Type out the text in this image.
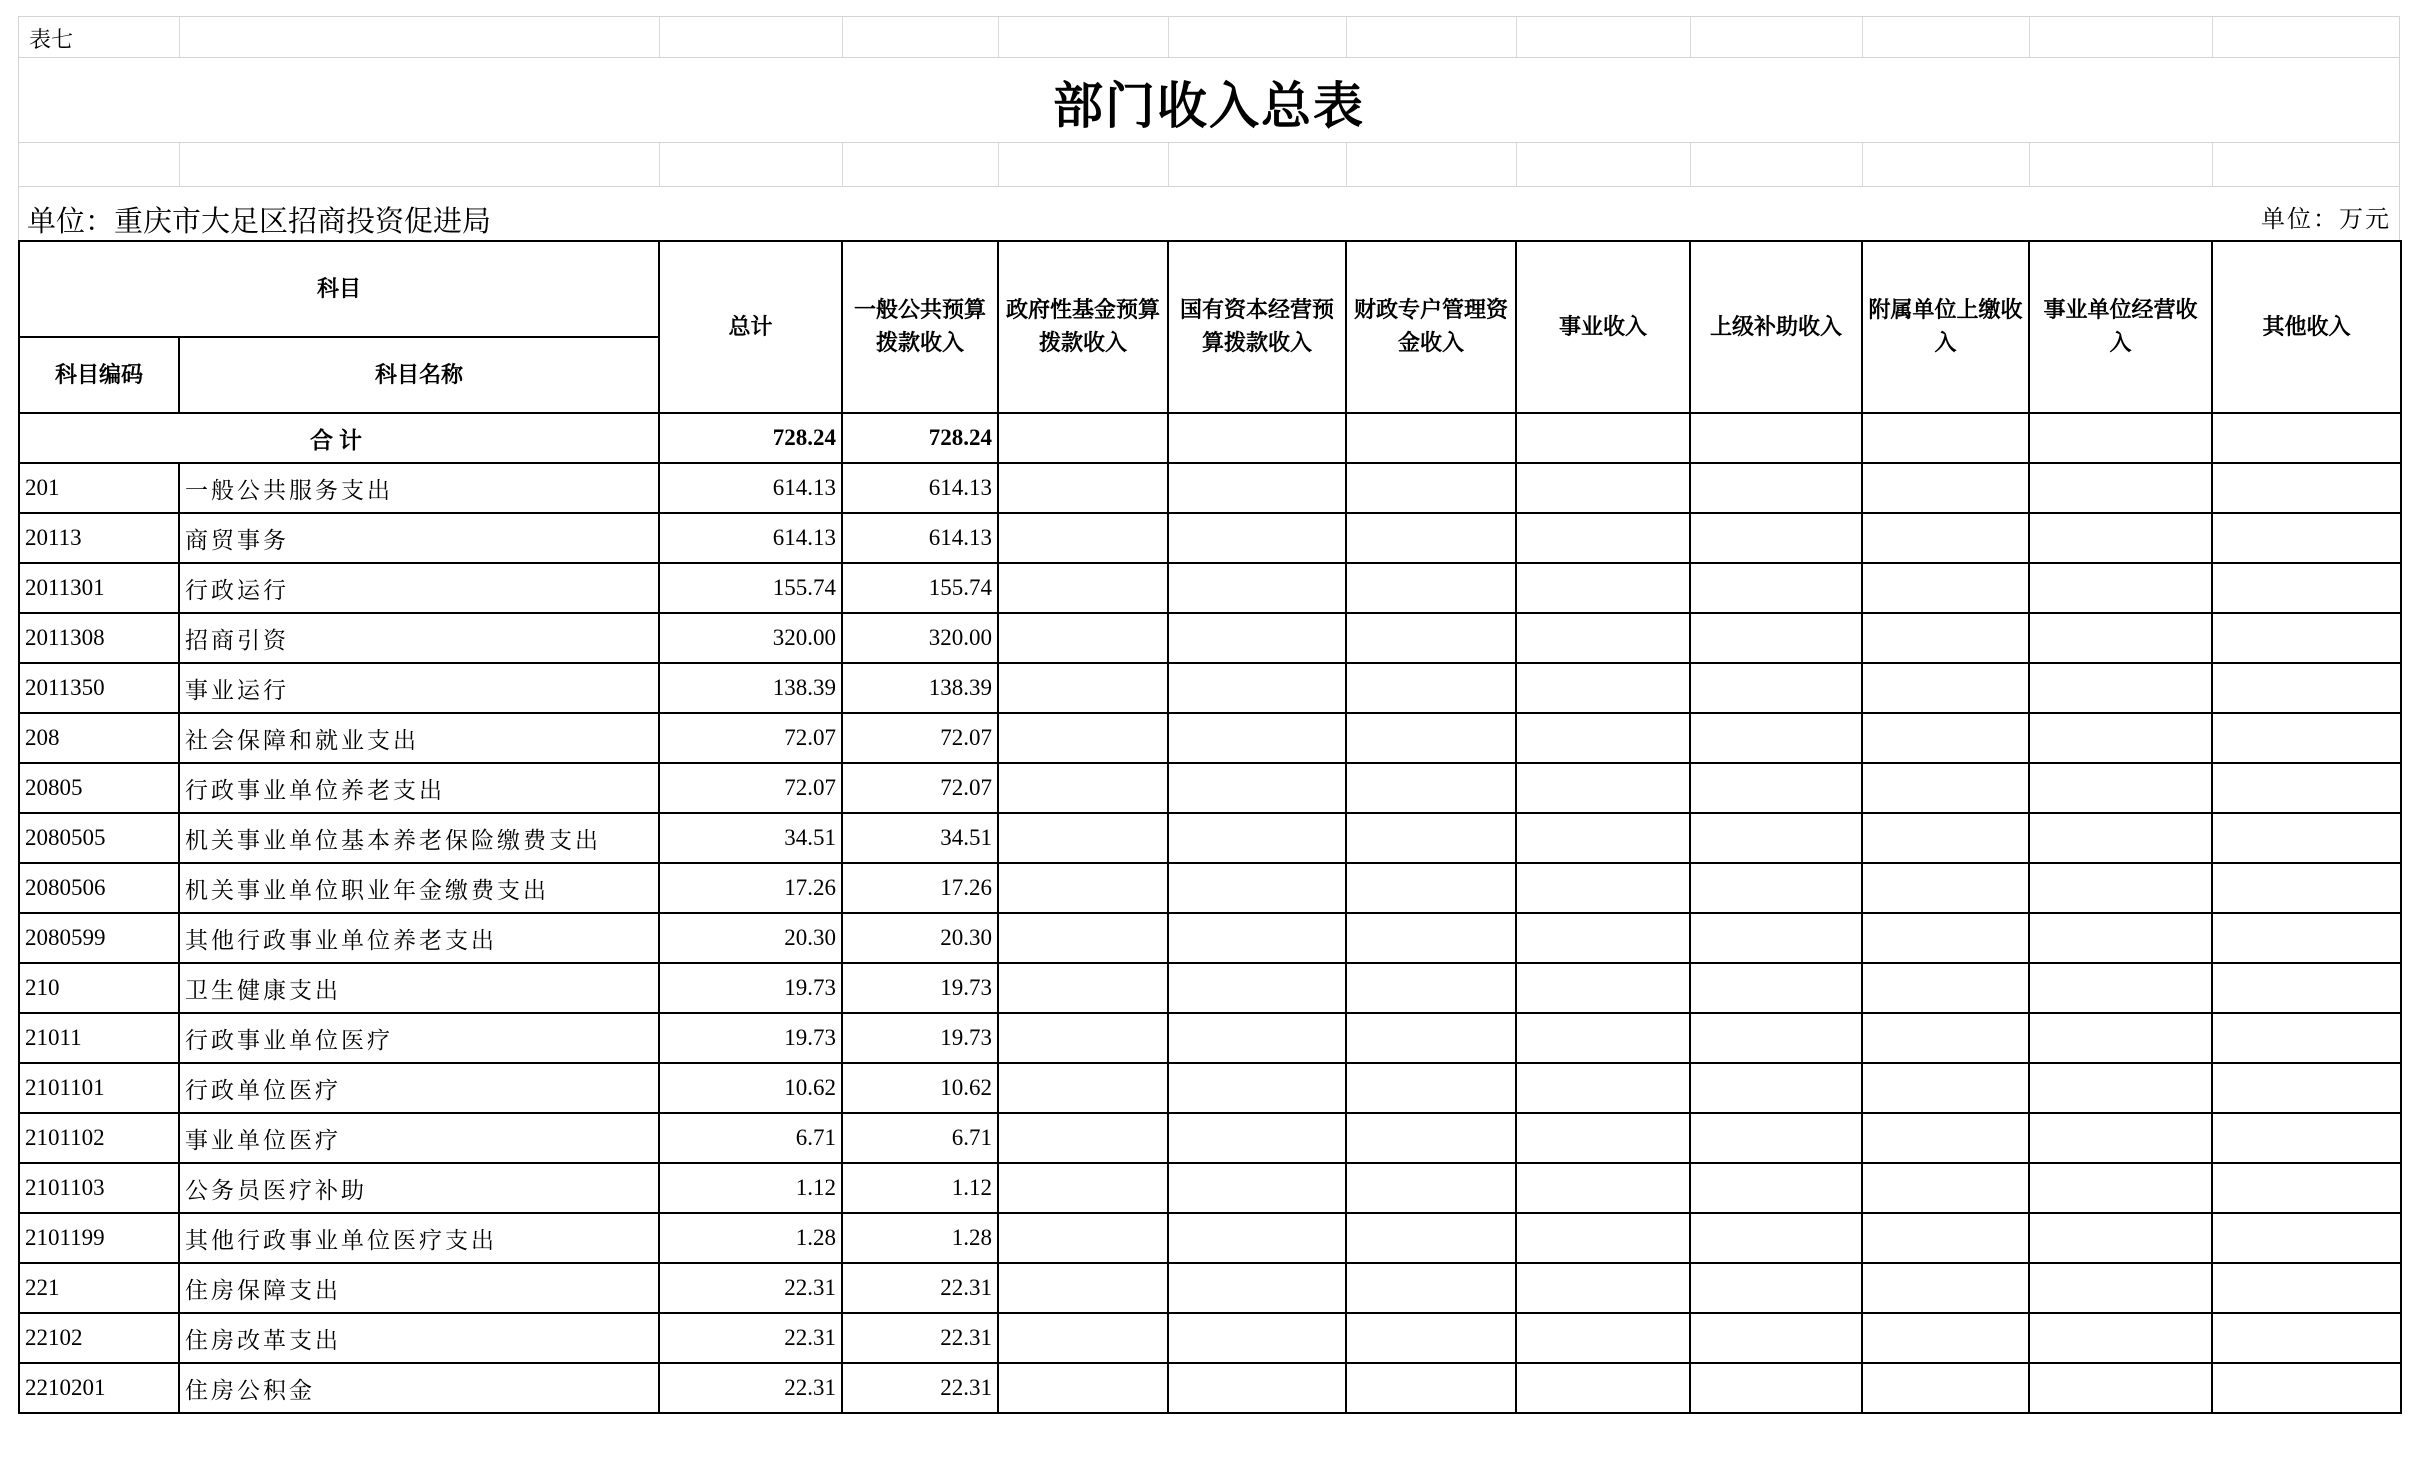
表七
部门收入总表
单位：重庆市大足区招商投资促进局	单位：万元
科目		总计	一般公共预算拨款收入	政府性基金预算拨款收入	国有资本经营预算拨款收入	财政专户管理资金收入	事业收入	上级补助收入	附属单位上缴收入	事业单位经营收入	其他收入
科目编码	科目名称										
合计		728.24	728.24								
201	一般公共服务支出	614.13	614.13								
20113	商贸事务	614.13	614.13								
2011301	行政运行	155.74	155.74								
2011308	招商引资	320.00	320.00								
2011350	事业运行	138.39	138.39								
208	社会保障和就业支出	72.07	72.07								
20805	行政事业单位养老支出	72.07	72.07								
2080505	机关事业单位基本养老保险缴费支出	34.51	34.51								
2080506	机关事业单位职业年金缴费支出	17.26	17.26								
2080599	其他行政事业单位养老支出	20.30	20.30								
210	卫生健康支出	19.73	19.73								
21011	行政事业单位医疗	19.73	19.73								
2101101	行政单位医疗	10.62	10.62								
2101102	事业单位医疗	6.71	6.71								
2101103	公务员医疗补助	1.12	1.12								
2101199	其他行政事业单位医疗支出	1.28	1.28								
221	住房保障支出	22.31	22.31								
22102	住房改革支出	22.31	22.31								
2210201	住房公积金	22.31	22.31								
